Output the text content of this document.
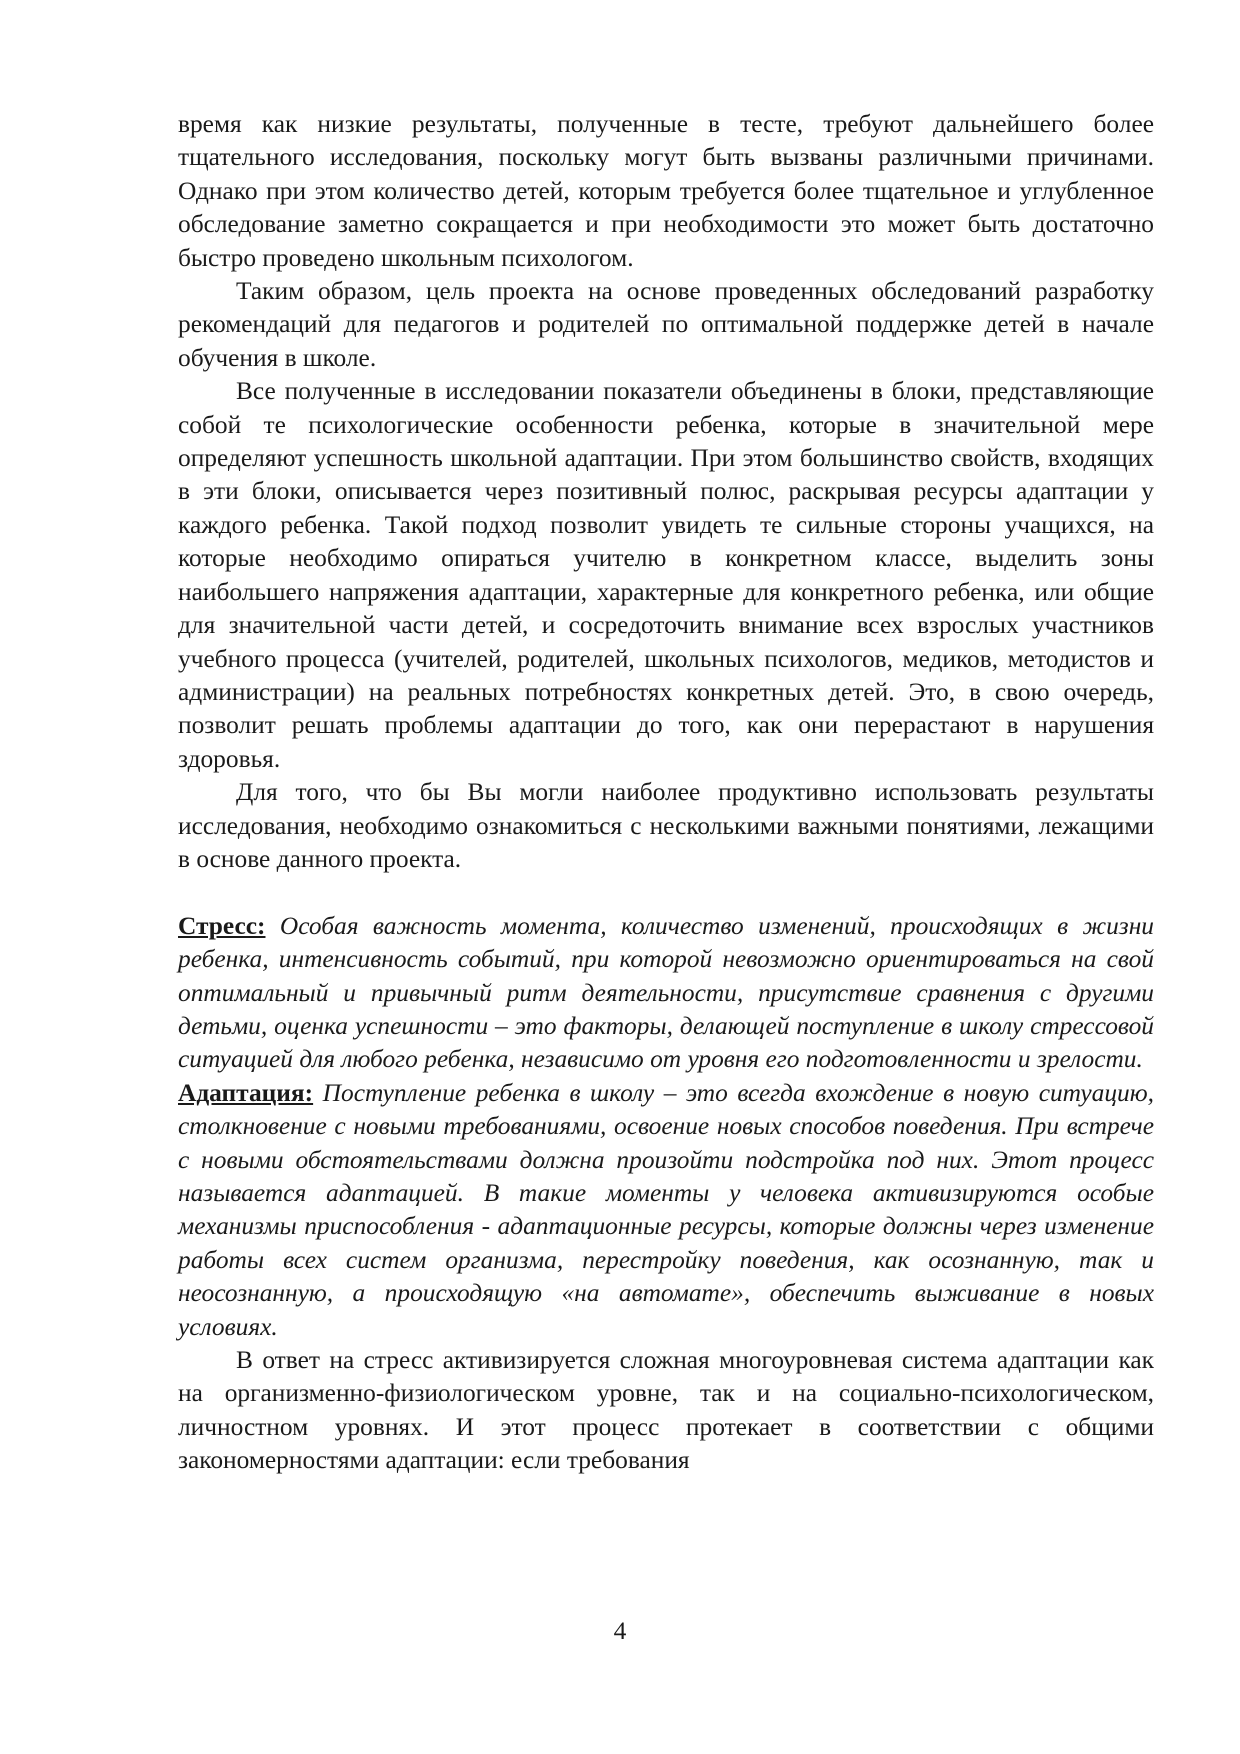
время как низкие результаты, полученные в тесте, требуют дальнейшего более тщательного исследования, поскольку могут быть вызваны различными причинами. Однако при этом количество детей, которым требуется более тщательное и углубленное обследование заметно сокращается и при необходимости это может быть достаточно быстро проведено школьным психологом.

Таким образом, цель проекта на основе проведенных обследований разработку рекомендаций для педагогов и родителей по оптимальной поддержке детей в начале обучения в школе.

Все полученные в исследовании показатели объединены в блоки, представляющие собой те психологические особенности ребенка, которые в значительной мере определяют успешность школьной адаптации. При этом большинство свойств, входящих в эти блоки, описывается через позитивный полюс, раскрывая ресурсы адаптации у каждого ребенка. Такой подход позволит увидеть те сильные стороны учащихся, на которые необходимо опираться учителю в конкретном классе, выделить зоны наибольшего напряжения адаптации, характерные для конкретного ребенка, или общие для значительной части детей, и сосредоточить внимание всех взрослых участников учебного процесса (учителей, родителей, школьных психологов, медиков, методистов и администрации) на реальных потребностях конкретных детей. Это, в свою очередь, позволит решать проблемы адаптации до того, как они перерастают в нарушения здоровья.

Для того, что бы Вы могли наиболее продуктивно использовать результаты исследования, необходимо ознакомиться с несколькими важными понятиями, лежащими в основе данного проекта.

Стресс: Особая важность момента, количество изменений, происходящих в жизни ребенка, интенсивность событий, при которой невозможно ориентироваться на свой оптимальный и привычный ритм деятельности, присутствие сравнения с другими детьми, оценка успешности – это факторы, делающей поступление в школу стрессовой ситуацией для любого ребенка, независимо от уровня его подготовленности и зрелости.

Адаптация: Поступление ребенка в школу – это всегда вхождение в новую ситуацию, столкновение с новыми требованиями, освоение новых способов поведения. При встрече с новыми обстоятельствами должна произойти подстройка под них. Этот процесс называется адаптацией. В такие моменты у человека активизируются особые механизмы приспособления - адаптационные ресурсы, которые должны через изменение работы всех систем организма, перестройку поведения, как осознанную, так и неосознанную, а происходящую «на автомате», обеспечить выживание в новых условиях.

В ответ на стресс активизируется сложная многоуровневая система адаптации как на организменно-физиологическом уровне, так и на социально-психологическом, личностном уровнях. И этот процесс протекает в соответствии с общими закономерностями адаптации: если требования

4
